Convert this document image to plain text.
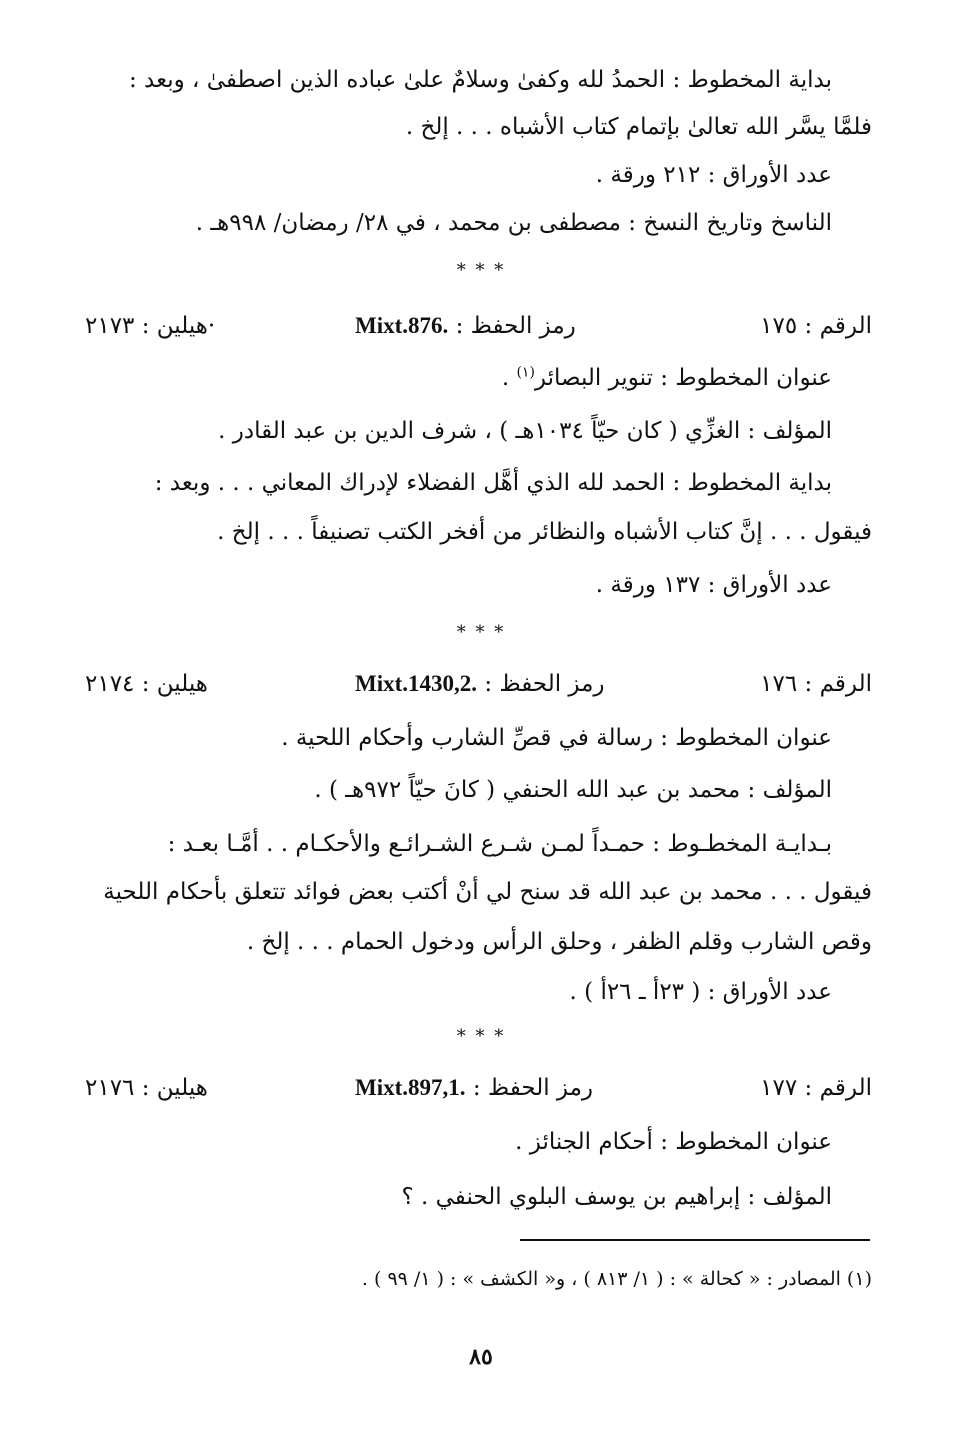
بداية المخطوط : الحمدُ لله وكفىٰ وسلامٌ علىٰ عباده الذين اصطفىٰ ، وبعد :
فلمَّا يسَّر الله تعالىٰ بإتمام كتاب الأشباه . . . إلخ .
عدد الأوراق : ٢١٢ ورقة .
الناسخ وتاريخ النسخ : مصطفى بن محمد ، في ٢٨/ رمضان/ ٩٩٨هـ .
* * *
الرقم : ١٧٥
رمز الحفظ : Mixt.876.
·هيلين : ٢١٧٣
عنوان المخطوط : تنوير البصائر$^{(١)}$ .
المؤلف : الغزِّي ( كان حيّاً ١٠٣٤هـ ) ، شرف الدين بن عبد القادر .
بداية المخطوط : الحمد لله الذي أهَّل الفضلاء لإدراك المعاني . . . وبعد :
فيقول . . . إنَّ كتاب الأشباه والنظائر من أفخر الكتب تصنيفاً . . . إلخ .
عدد الأوراق : ١٣٧ ورقة .
* * *
الرقم : ١٧٦
رمز الحفظ : Mixt.1430,2.
هيلين : ٢١٧٤
عنوان المخطوط : رسالة في قصِّ الشارب وأحكام اللحية .
المؤلف : محمد بن عبد الله الحنفي ( كانَ حيّاً ٩٧٢هـ ) .
بـدايـة المخطـوط : حمـداً لمـن شـرع الشـرائـع والأحكـام . . أمَّـا بعـد :
فيقول . . . محمد بن عبد الله قد سنح لي أنْ أكتب بعض فوائد تتعلق بأحكام اللحية
وقص الشارب وقلم الظفر ، وحلق الرأس ودخول الحمام . . . إلخ .
عدد الأوراق : ( ٢٣أ ـ ٢٦أ ) .
* * *
الرقم : ١٧٧
رمز الحفظ : Mixt.897,1.
هيلين : ٢١٧٦
عنوان المخطوط : أحكام الجنائز .
المؤلف : إبراهيم بن يوسف البلوي الحنفي . ؟
(١) المصادر : « كحالة » : ( ١/ ٨١٣ ) ، و« الكشف » : ( ١/ ٩٩ ) .
٨٥
